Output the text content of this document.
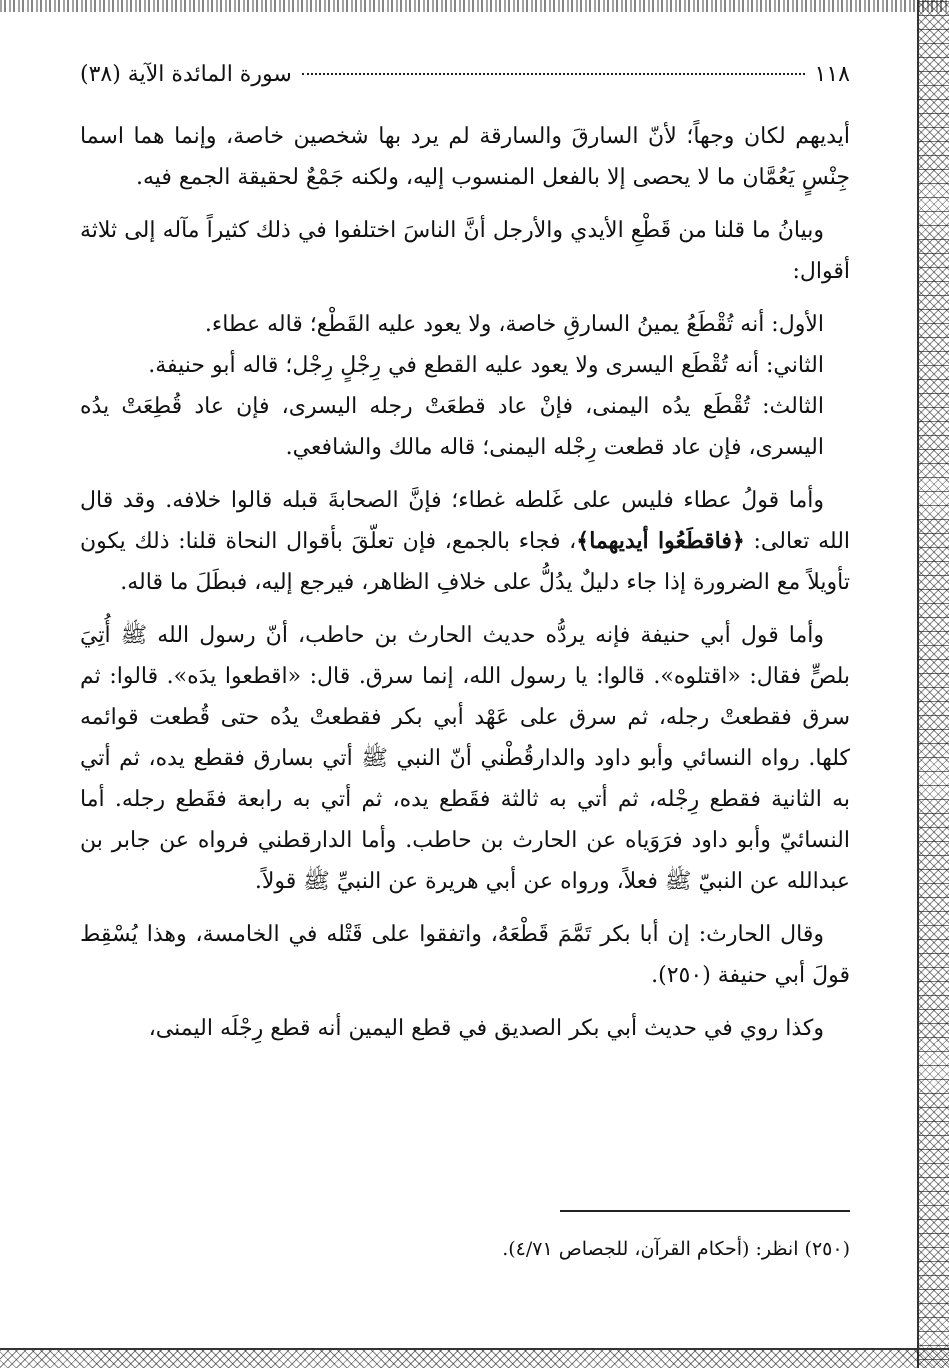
١١٨
سورة المائدة الآية (٣٨)

أيديهم لكان وجهاً؛ لأنّ السارقَ والسارقة لم يرد بها شخصين خاصة، وإنما هما اسما جِنْسٍ يَعُمَّان ما لا يحصى إلا بالفعل المنسوب إليه، ولكنه جَمْعٌ لحقيقة الجمع فيه.

وبيانُ ما قلنا من قَطْعِ الأيدي والأرجل أنَّ الناسَ اختلفوا في ذلك كثيراً مآله إلى ثلاثة أقوال:

الأول: أنه تُقْطَعُ يمينُ السارقِ خاصة، ولا يعود عليه القَطْع؛ قاله عطاء.

الثاني: أنه تُقْطَع اليسرى ولا يعود عليه القطع في رِجْلٍ رِجْل؛ قاله أبو حنيفة.

الثالث: تُقْطَع يدُه اليمنى، فإنْ عاد قطعَتْ رجله اليسرى، فإن عاد قُطِعَتْ يدُه اليسرى، فإن عاد قطعت رِجْله اليمنى؛ قاله مالك والشافعي.

وأما قولُ عطاء فليس على غَلطه غطاء؛ فإنَّ الصحابةَ قبله قالوا خلافه. وقد قال الله تعالى: ﴿فاقطَعُوا أيديهما﴾، فجاء بالجمع، فإن تعلّقَ بأقوال النحاة قلنا: ذلك يكون تأويلاً مع الضرورة إذا جاء دليلٌ يدُلُّ على خلافِ الظاهر، فيرجع إليه، فبطَلَ ما قاله.

وأما قول أبي حنيفة فإنه يردُّه حديث الحارث بن حاطب، أنّ رسول الله ﷺ أُتِيَ بلصٍّ فقال: «اقتلوه». قالوا: يا رسول الله، إنما سرق. قال: «اقطعوا يدَه». قالوا: ثم سرق فقطعتْ رجله، ثم سرق على عَهْد أبي بكر فقطعتْ يدُه حتى قُطعت قوائمه كلها. رواه النسائي وأبو داود والدارقُطْني أنّ النبي ﷺ أتي بسارق فقطع يده، ثم أتي به الثانية فقطع رِجْله، ثم أتي به ثالثة فقَطع يده، ثم أتي به رابعة فقَطع رجله. أما النسائيّ وأبو داود فرَوَياه عن الحارث بن حاطب. وأما الدارقطني فرواه عن جابر بن عبدالله عن النبيّ ﷺ فعلاً، ورواه عن أبي هريرة عن النبيِّ ﷺ قولاً.

وقال الحارث: إن أبا بكر تَمَّمَ قَطْعَهُ، واتفقوا على قَتْله في الخامسة، وهذا يُسْقِط قولَ أبي حنيفة (٢٥٠).

وكذا روي في حديث أبي بكر الصديق في قطع اليمين أنه قطع رِجْلَه اليمنى،

(٢٥٠) انظر: (أحكام القرآن، للجصاص ٤/٧١).
